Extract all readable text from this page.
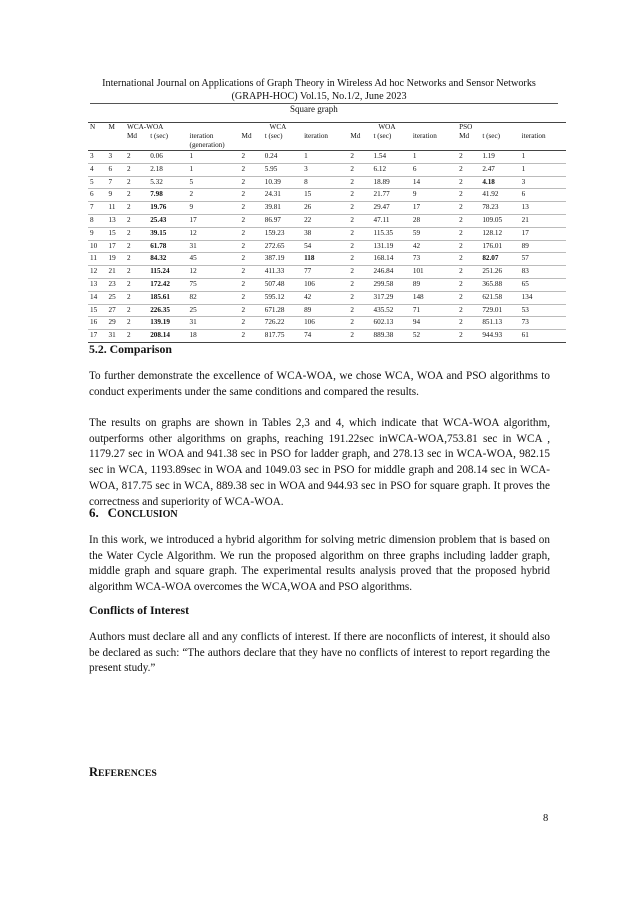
International Journal on Applications of Graph Theory in Wireless Ad hoc Networks and Sensor Networks
(GRAPH-HOC) Vol.15, No.1/2, June 2023
Square graph
N	M	WCA-WOA			WCA			WOA			PSO		
		Md	t (sec)	iteration (generation)	Md	t (sec)	iteration	Md	t (sec)	iteration	Md	t (sec)	iteration
3	3	2	0.06	1	2	0.24	1	2	1.54	1	2	1.19	1
4	6	2	2.18	1	2	5.95	3	2	6.12	6	2	2.47	1
5	7	2	5.32	5	2	10.39	8	2	18.89	14	2	4.18	3
6	9	2	7.98	2	2	24.31	15	2	21.77	9	2	41.92	6
7	11	2	19.76	9	2	39.81	26	2	29.47	17	2	78.23	13
8	13	2	25.43	17	2	86.97	22	2	47.11	28	2	109.05	21
9	15	2	39.15	12	2	159.23	38	2	115.35	59	2	128.12	17
10	17	2	61.78	31	2	272.65	54	2	131.19	42	2	176.01	89
11	19	2	84.32	45	2	387.19	118	2	168.14	73	2	82.07	57
12	21	2	115.24	12	2	411.33	77	2	246.84	101	2	251.26	83
13	23	2	172.42	75	2	507.48	106	2	299.58	89	2	365.88	65
14	25	2	185.61	82	2	595.12	42	2	317.29	148	2	621.58	134
15	27	2	226.35	25	2	671.28	89	2	435.52	71	2	729.01	53
16	29	2	139.19	31	2	726.22	106	2	602.13	94	2	851.13	73
17	31	2	208.14	18	2	817.75	74	2	889.38	52	2	944.93	61
5.2. Comparison
To further demonstrate the excellence of WCA-WOA, we chose WCA, WOA and PSO algorithms to conduct experiments under the same conditions and compared the results.
The results on graphs are shown in Tables 2,3 and 4, which indicate that WCA-WOA algorithm, outperforms other algorithms on graphs, reaching 191.22sec inWCA-WOA,753.81 sec in WCA , 1179.27 sec in WOA and 941.38 sec in PSO for ladder graph, and 278.13 sec in WCA-WOA, 982.15 sec in WCA, 1193.89sec in WOA and 1049.03 sec in PSO for middle graph and 208.14 sec in WCA-WOA, 817.75 sec in WCA, 889.38 sec in WOA and 944.93 sec in PSO for square graph. It proves the correctness and superiority of WCA-WOA.
6. CONCLUSION
In this work, we introduced a hybrid algorithm for solving metric dimension problem that is based on the Water Cycle Algorithm. We run the proposed algorithm on three graphs including ladder graph, middle graph and square graph. The experimental results analysis proved that the proposed hybrid algorithm WCA-WOA overcomes the WCA,WOA and PSO algorithms.
Conflicts of Interest
Authors must declare all and any conflicts of interest. If there are noconflicts of interest, it should also be declared as such: “The authors declare that they have no conflicts of interest to report regarding the present study.”
REFERENCES
8
